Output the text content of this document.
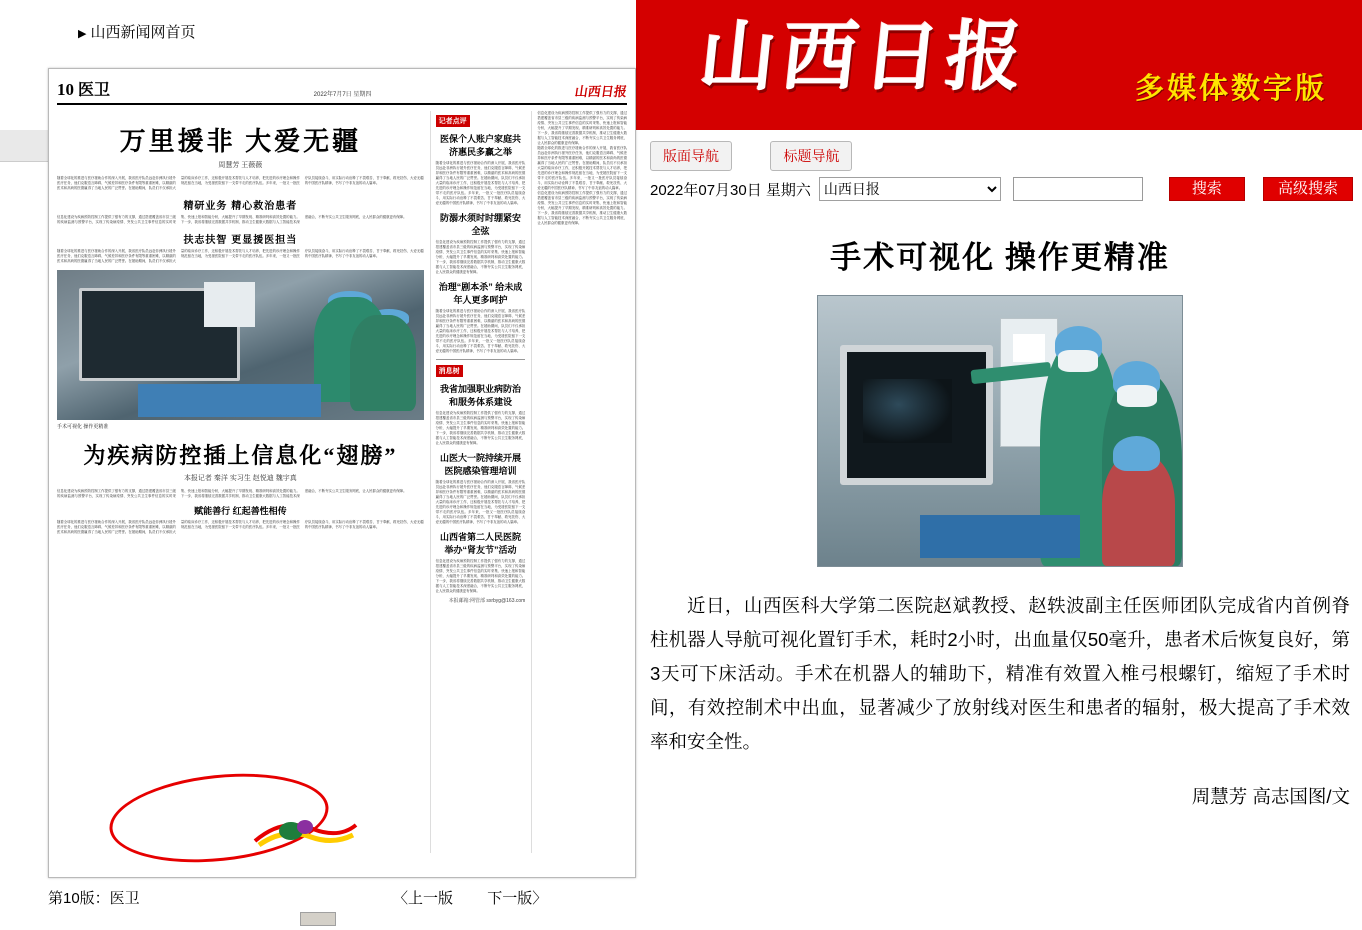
▶ 山西新闻网首页	山西日报	多媒体数字版
版面导航	标题导航
2022年07月30日 星期六
山西日报	搜索	高级搜索
10 医卫	2022年7月7日 星期四	山西日报
万里援非 大爱无疆
周慧芳 王薇薇
随着全球化的推进与医疗援助合作的深入开展，我省医疗队员远赴非洲执行援外医疗任务，他们克服语言障碍、气候差异和医疗条件有限等重重困难，以精湛的医术和高尚的医德赢得了当地人民的广泛赞誉。在援助期间，队员们不仅承担大量的临床诊疗工作，还积极开展技术帮扶与人才培养，把先进的诊疗理念和操作规范留在当地，为受援医院留下一支带不走的医疗队伍。多年来，一批又一批医疗队员接续奋斗，用实际行动诠释了不畏艰苦、甘于奉献、救死扶伤、大爱无疆的中国医疗队精神，书写了中非友谊的动人篇章。
精研业务 精心救治患者
信息化建设为疾病预防控制工作提供了强有力的支撑，通过搭建覆盖省市县三级的疾病监测与预警平台，实现了传染病疫情、突发公共卫生事件信息的实时采集、快速上报和智能分析，大幅提升了早期发现、精准研判和高效处置的能力。下一步，我省将继续完善数据共享机制，推动卫生健康大数据与人工智能技术深度融合，不断夯实公共卫生服务网底，让人民群众的健康更有保障。
扶志扶智 更显援医担当
随着全球化的推进与医疗援助合作的深入开展，我省医疗队员远赴非洲执行援外医疗任务，他们克服语言障碍、气候差异和医疗条件有限等重重困难，以精湛的医术和高尚的医德赢得了当地人民的广泛赞誉。在援助期间，队员们不仅承担大量的临床诊疗工作，还积极开展技术帮扶与人才培养，把先进的诊疗理念和操作规范留在当地，为受援医院留下一支带不走的医疗队伍。多年来，一批又一批医疗队员接续奋斗，用实际行动诠释了不畏艰苦、甘于奉献、救死扶伤、大爱无疆的中国医疗队精神，书写了中非友谊的动人篇章。
手术可视化 操作更精准
为疾病防控插上信息化“翅膀”
本报记者 秦洋 实习生 赵悦迪 魏宇真
信息化建设为疾病预防控制工作提供了强有力的支撑，通过搭建覆盖省市县三级的疾病监测与预警平台，实现了传染病疫情、突发公共卫生事件信息的实时采集、快速上报和智能分析，大幅提升了早期发现、精准研判和高效处置的能力。下一步，我省将继续完善数据共享机制，推动卫生健康大数据与人工智能技术深度融合，不断夯实公共卫生服务网底，让人民群众的健康更有保障。
赋能善行 红起善性相传
随着全球化的推进与医疗援助合作的深入开展，我省医疗队员远赴非洲执行援外医疗任务，他们克服语言障碍、气候差异和医疗条件有限等重重困难，以精湛的医术和高尚的医德赢得了当地人民的广泛赞誉。在援助期间，队员们不仅承担大量的临床诊疗工作，还积极开展技术帮扶与人才培养，把先进的诊疗理念和操作规范留在当地，为受援医院留下一支带不走的医疗队伍。多年来，一批又一批医疗队员接续奋斗，用实际行动诠释了不畏艰苦、甘于奉献、救死扶伤、大爱无疆的中国医疗队精神，书写了中非友谊的动人篇章。
记者点评
医保个人账户家庭共济惠民多赢之举
随着全球化的推进与医疗援助合作的深入开展，我省医疗队员远赴非洲执行援外医疗任务，他们克服语言障碍、气候差异和医疗条件有限等重重困难，以精湛的医术和高尚的医德赢得了当地人民的广泛赞誉。在援助期间，队员们不仅承担大量的临床诊疗工作，还积极开展技术帮扶与人才培养，把先进的诊疗理念和操作规范留在当地，为受援医院留下一支带不走的医疗队伍。多年来，一批又一批医疗队员接续奋斗，用实际行动诠释了不畏艰苦、甘于奉献、救死扶伤、大爱无疆的中国医疗队精神，书写了中非友谊的动人篇章。
防溺水须时时绷紧安全弦
信息化建设为疾病预防控制工作提供了强有力的支撑，通过搭建覆盖省市县三级的疾病监测与预警平台，实现了传染病疫情、突发公共卫生事件信息的实时采集、快速上报和智能分析，大幅提升了早期发现、精准研判和高效处置的能力。下一步，我省将继续完善数据共享机制，推动卫生健康大数据与人工智能技术深度融合，不断夯实公共卫生服务网底，让人民群众的健康更有保障。
治理“剧本杀” 给未成年人更多呵护
随着全球化的推进与医疗援助合作的深入开展，我省医疗队员远赴非洲执行援外医疗任务，他们克服语言障碍、气候差异和医疗条件有限等重重困难，以精湛的医术和高尚的医德赢得了当地人民的广泛赞誉。在援助期间，队员们不仅承担大量的临床诊疗工作，还积极开展技术帮扶与人才培养，把先进的诊疗理念和操作规范留在当地，为受援医院留下一支带不走的医疗队伍。多年来，一批又一批医疗队员接续奋斗，用实际行动诠释了不畏艰苦、甘于奉献、救死扶伤、大爱无疆的中国医疗队精神，书写了中非友谊的动人篇章。
消息树
我省加强职业病防治和服务体系建设
信息化建设为疾病预防控制工作提供了强有力的支撑，通过搭建覆盖省市县三级的疾病监测与预警平台，实现了传染病疫情、突发公共卫生事件信息的实时采集、快速上报和智能分析，大幅提升了早期发现、精准研判和高效处置的能力。下一步，我省将继续完善数据共享机制，推动卫生健康大数据与人工智能技术深度融合，不断夯实公共卫生服务网底，让人民群众的健康更有保障。
山医大一院持续开展医院感染管理培训
随着全球化的推进与医疗援助合作的深入开展，我省医疗队员远赴非洲执行援外医疗任务，他们克服语言障碍、气候差异和医疗条件有限等重重困难，以精湛的医术和高尚的医德赢得了当地人民的广泛赞誉。在援助期间，队员们不仅承担大量的临床诊疗工作，还积极开展技术帮扶与人才培养，把先进的诊疗理念和操作规范留在当地，为受援医院留下一支带不走的医疗队伍。多年来，一批又一批医疗队员接续奋斗，用实际行动诠释了不畏艰苦、甘于奉献、救死扶伤、大爱无疆的中国医疗队精神，书写了中非友谊的动人篇章。
山西省第二人民医院举办“肾友节”活动
信息化建设为疾病预防控制工作提供了强有力的支撑，通过搭建覆盖省市县三级的疾病监测与预警平台，实现了传染病疫情、突发公共卫生事件信息的实时采集、快速上报和智能分析，大幅提升了早期发现、精准研判和高效处置的能力。下一步，我省将继续完善数据共享机制，推动卫生健康大数据与人工智能技术深度融合，不断夯实公共卫生服务网底，让人民群众的健康更有保障。
本报邮箱:网管部 sxrbyg@163.com
信息化建设为疾病预防控制工作提供了强有力的支撑，通过搭建覆盖省市县三级的疾病监测与预警平台，实现了传染病疫情、突发公共卫生事件信息的实时采集、快速上报和智能分析，大幅提升了早期发现、精准研判和高效处置的能力。下一步，我省将继续完善数据共享机制，推动卫生健康大数据与人工智能技术深度融合，不断夯实公共卫生服务网底，让人民群众的健康更有保障。
随着全球化的推进与医疗援助合作的深入开展，我省医疗队员远赴非洲执行援外医疗任务，他们克服语言障碍、气候差异和医疗条件有限等重重困难，以精湛的医术和高尚的医德赢得了当地人民的广泛赞誉。在援助期间，队员们不仅承担大量的临床诊疗工作，还积极开展技术帮扶与人才培养，把先进的诊疗理念和操作规范留在当地，为受援医院留下一支带不走的医疗队伍。多年来，一批又一批医疗队员接续奋斗，用实际行动诠释了不畏艰苦、甘于奉献、救死扶伤、大爱无疆的中国医疗队精神，书写了中非友谊的动人篇章。
信息化建设为疾病预防控制工作提供了强有力的支撑，通过搭建覆盖省市县三级的疾病监测与预警平台，实现了传染病疫情、突发公共卫生事件信息的实时采集、快速上报和智能分析，大幅提升了早期发现、精准研判和高效处置的能力。下一步，我省将继续完善数据共享机制，推动卫生健康大数据与人工智能技术深度融合，不断夯实公共卫生服务网底，让人民群众的健康更有保障。
第10版：医卫	〈上一版 下一版〉
手术可视化 操作更精准
近日，山西医科大学第二医院赵斌教授、赵轶波副主任医师团队完成省内首例脊柱机器人导航可视化置钉手术，耗时2小时，出血量仅50毫升，患者术后恢复良好，第3天可下床活动。手术在机器人的辅助下，精准有效置入椎弓根螺钉，缩短了手术时间，有效控制术中出血，显著减少了放射线对医生和患者的辐射，极大提高了手术效率和安全性。
周慧芳 高志国图/文
